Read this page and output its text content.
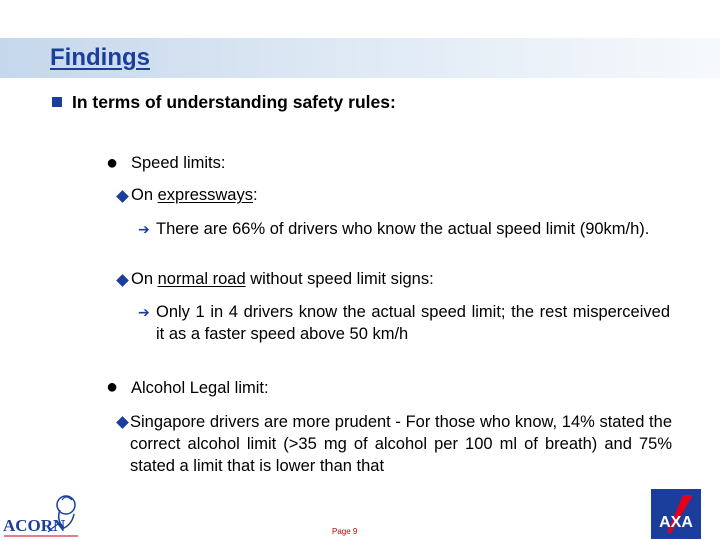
Findings
In terms of understanding safety rules:
● Speed limits:
On expressways:
➔ There are 66% of drivers who know the actual speed limit (90km/h).
On normal road without speed limit signs:
➔ Only 1 in 4 drivers know the actual speed limit; the rest misperceived it as a faster speed above 50 km/h
● Alcohol Legal limit:
Singapore drivers are more prudent - For those who know, 14% stated the correct alcohol limit (>35 mg of alcohol per 100 ml of breath) and 75% stated a limit that is lower than that
Page 9
ACORN	AXA
